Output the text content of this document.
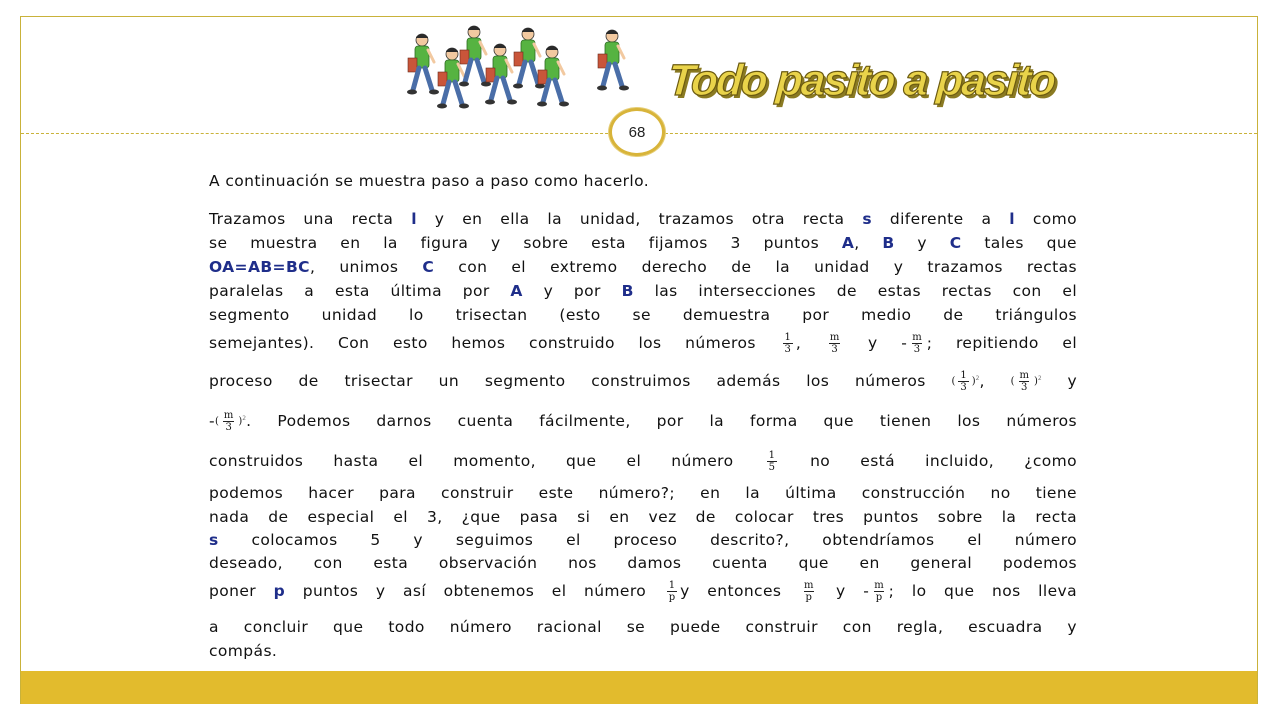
Todo pasito a pasito
68
A continuación se muestra paso a paso como hacerlo.
Trazamos una recta l y en ella la unidad, trazamos otra recta s diferente a l como
se muestra en la figura y sobre esta fijamos 3 puntos A, B y C tales que
OA=AB=BC, unimos C con el extremo derecho de la unidad y trazamos rectas
paralelas a esta última por A y por B las intersecciones de estas rectas con el
segmento unidad lo trisectan (esto se demuestra por medio de triángulos
semejantes). Con esto hemos construido los números	$\frac{1}{3}$ ,	$\frac{m}{3}$ y - $\frac{m}{3}$ ; repitiendo el
proceso de trisectar un segmento construimos además los números	( $\frac{1}{3} )^2$,	( $\frac{m}{3} )^2$ y
-( $\frac{m}{3} )^2$. Podemos darnos cuenta fácilmente, por la forma que tienen los números
construidos hasta el momento, que el número	$\frac{1}{5}$ no está incluido, ¿como
podemos hacer para construir este número?; en la última construcción no tiene
nada de especial el 3, ¿que pasa si en vez de colocar tres puntos sobre la recta
s colocamos 5 y seguimos el proceso descrito?, obtendríamos el número
deseado, con esta observación nos damos cuenta que en general podemos
poner p puntos y así obtenemos el número $\frac{1}{p}$ y entonces $\frac{m}{p}$ y - $\frac{m}{p}$ ; lo que nos lleva
a concluir que todo número racional se puede construir con regla, escuadra y
compás.
